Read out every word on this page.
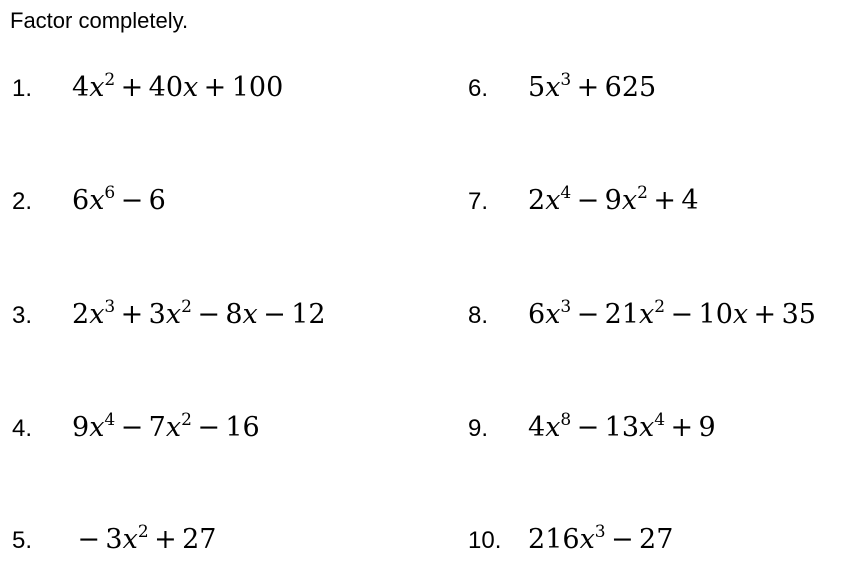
Factor completely.
1.	$4x^2 + 40x + 100$
2.	$6x^6 - 6$
3.	$2x^3 + 3x^2 - 8x - 12$
4.	$9x^4 - 7x^2 - 16$
5.	 − $3x^2 + 27$
6.	$5x^3 + 625$
7.	$2x^4 - 9x^2 + 4$
8.	$6x^3 - 21x^2 - 10x + 35$
9.	$4x^8 - 13x^4 + 9$
10. $216x^3 - 27$
